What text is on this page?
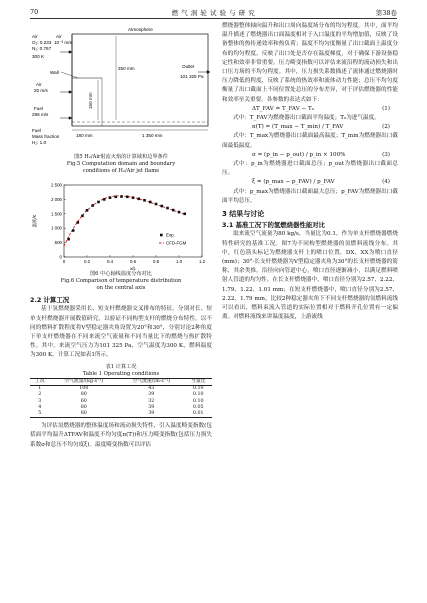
70	燃 气 涡 轮 试 验 与 研 究	第38卷
Atmosphere
Air
O₂: 0.233
N₂: 0.767
Air
10⁻³ m/s
300 K
Wall
Air
20 m/s
Fuel
296 m/s
250 mm
150 mm
Outlet
101 325 Pa
180 mm	1 350 mm
Fuel
Mass fraction
H₂: 1.0

图5 H₂/Air射流火焰的计算域和边界条件

Fig.5 Computation domain and boundary

conditions of H₂/Air jet flame

0	0.2	0.4	0.6	0.8	1.0	1.2
0
500
1 000
1 500
2 000
2 500
x/L
温度/K
Exp.
CFD-FGM

图6 中心轴线温度分布对比

Fig.6 Comparison of temperature distribution

on the central axis

2.2 计算工况

基于氢燃烧器采用长、短支杆燃烧器交叉排布的特征，分别对长、短单支杆燃烧器开展数值研究，以验证不同构型支杆的燃烧分布特性。以不同的燃料扩散程度将V型稳定器夹角设置为20°和30°，分别讨论2种角度下单支杆燃烧器在不同来流空气流量和不同当量比下的燃烧与热扩散特性。其中，来流空气压力为101 325 Pa，空气温度为300 K，燃料温度为300 K。计算工况如表1所示。

表1 计算工况

Table 1 Operating conditions

工况	空气流量/(kg·s⁻¹)	空气流速/(m·s⁻¹)	当量比
1	100	43	0.10
2	80	39	0.10
3	60	32	0.10
4	80	39	0.05
5	80	39	0.01

为评估氢燃烧器的整体温度场和流动损失特性，引入温度畸变指数(包括面平均温升ΔTFAV和温度不均匀度π(T))和压力畸变指数(包括压力损失系数σ和总压不均匀度ξ)。温度畸变指数可以评估

燃烧器整体轴向温升和出口周向温度场分布的均匀程度。其中，面平均温升描述了燃烧器出口面温度相对于入口温度的平均增加值，反映了设备整体的热传递效率和热负荷；温度不均匀度衡量了出口截面上温度分布的均匀程度，反映了出口处是否存在温度梯度，对于确保下游设备稳定性和效率非常重要。压力畸变指数可以评估来流沿程的流动损失和出口压力场的不均匀程度。其中，压力损失系数描述了流体通过燃烧器时压力降低的程度，反映了系统的热效率和流体动力性能；总压不均匀度衡量了出口截面上不同位置处总压的分布差异，对于评估燃烧器的性能和效率至关重要。各参数的表达式如下：

ΔT_FAV = T_FAV − T₀	(1)

式中：T_FAV为燃烧器出口截面平均温度；T₀为进气温度。

π(T) = (T_max − T_min) / T_FAV	(2)

式中：T_max为燃烧器出口截面最高温度；T_min为燃烧器出口截面最低温度。

σ = (p_in − p_out) / p_in × 100%	(3)

式中：p_in为燃烧器进口截面总压；p_out为燃烧器出口截面总压。

ξ = (p_max − p_FAV) / p_FAV	(4)

式中：p_max为燃烧器出口截面最大总压；p_FAV为燃烧器出口截面平均总压。

3 结果与讨论

3.1 基准工况下的氢燃烧器性能对比

取来流空气流量为80 kg/s，当量比为0.1，作为单支杆燃烧器燃烧特性研究的基准工况。图7为不同构型燃烧器的氢燃料流线分布。其中，红色箭头标记为燃烧器支杆上的喷口位置，DX、XX为喷口直径(mm)；30°-长支杆燃烧器为V型稳定器夹角为30°的长支杆燃烧器的简称，其余类推。沿径向向管道中心，喷口直径逐渐减小，以满足燃料喷射人管道的均匀性。在长支杆燃烧器中，喷口直径分别为2.57、2.22、1.79、1.22、1.01 mm；在短支杆燃烧器中，喷口直径分别为2.57、2.22、1.79 mm。比较2种稳定器夹角下不同支杆燃烧器的氢燃料流线可以看出，燃料束流入管道的实际位置相对于燃料开孔位置有一定偏离。对燃料流线来讲温度温度，上游流线
